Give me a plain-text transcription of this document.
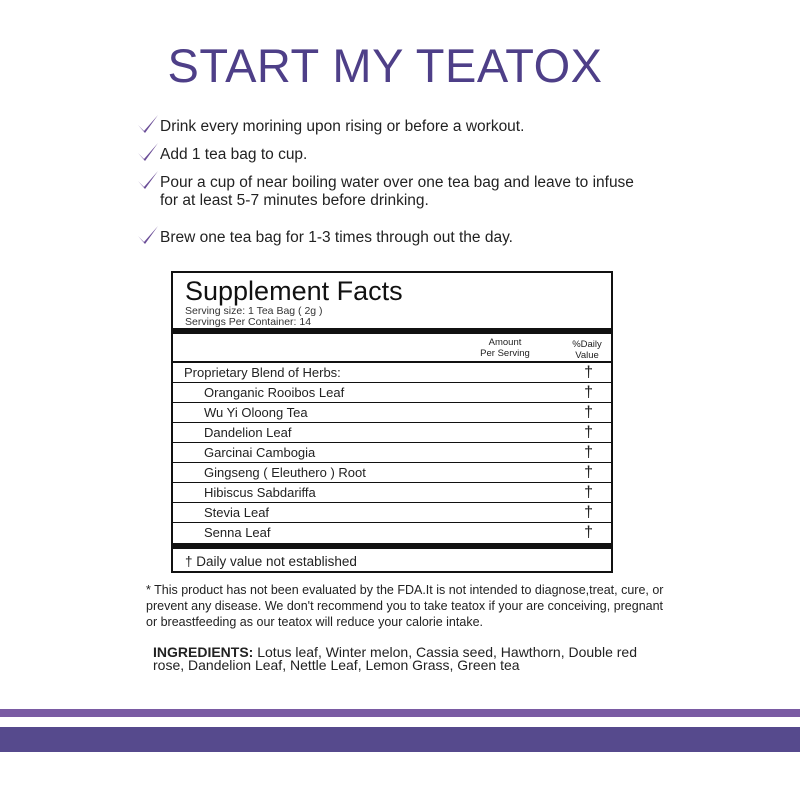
START MY TEATOX
Drink every morining upon rising or before a workout.
Add 1 tea bag to cup.
Pour a cup of near boiling water over one tea bag and leave to infuse
for at least 5-7 minutes before drinking.
Brew one tea bag for 1-3 times through out the day.
Supplement Facts
Serving size: 1 Tea Bag ( 2g )
Servings Per Container: 14
Amount
Per Serving
%Daily
Value
Proprietary Blend of Herbs:	†
Oranganic Rooibos Leaf	†
Wu Yi Oloong Tea	†
Dandelion Leaf	†
Garcinai Cambogia	†
Gingseng ( Eleuthero ) Root	†
Hibiscus Sabdariffa	†
Stevia Leaf	†
Senna Leaf	†
† Daily value not established
* This product has not been evaluated by the FDA.It is not intended to diagnose,treat, cure, or prevent any disease. We don't recommend you to take teatox if your are conceiving, pregnant or breastfeeding as our teatox will reduce your calorie intake.
INGREDIENTS: Lotus leaf, Winter melon, Cassia seed, Hawthorn, Double red rose, Dandelion Leaf, Nettle Leaf, Lemon Grass, Green tea
